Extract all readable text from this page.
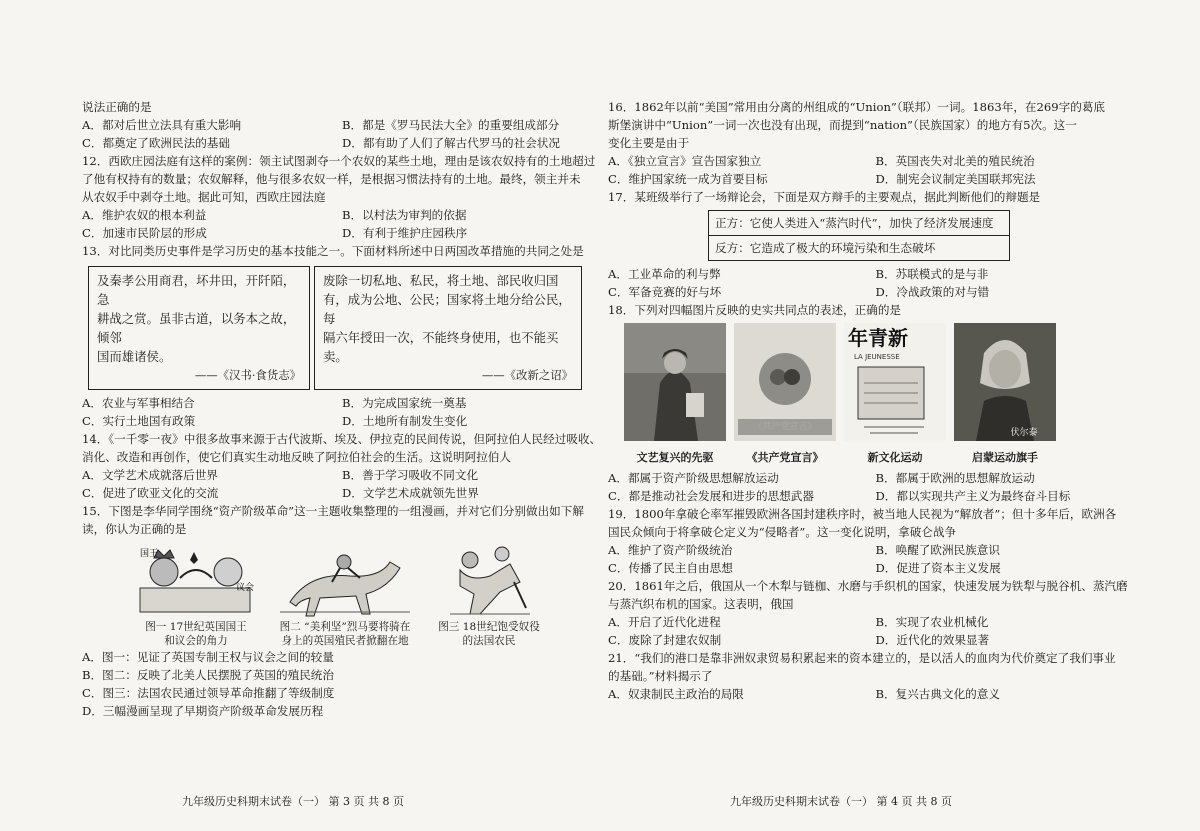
说法正确的是
A．都对后世立法具有重大影响	B．都是《罗马民法大全》的重要组成部分
C．都奠定了欧洲民法的基础	D．都有助了人们了解古代罗马的社会状况
12．西欧庄园法庭有这样的案例：领主试图剥夺一个农奴的某些土地，理由是该农奴持有的土地超过
了他有权持有的数量；农奴解释，他与很多农奴一样，是根据习惯法持有的土地。最终，领主并未
从农奴手中剥夺土地。据此可知，西欧庄园法庭
A．维护农奴的根本利益	B．以村法为审判的依据
C．加速市民阶层的形成	D．有利于维护庄园秩序
13．对比同类历史事件是学习历史的基本技能之一。下面材料所述中日两国改革措施的共同之处是
及秦孝公用商君，坏井田，开阡陌，急
耕战之赏。虽非古道，以务本之故，倾邻
国而雄诸侯。
——《汉书·食货志》
废除一切私地、私民，将土地、部民收归国
有，成为公地、公民；国家将土地分给公民，每
隔六年授田一次，不能终身使用，也不能买卖。
——《改新之诏》
A．农业与军事相结合	B．为完成国家统一奠基
C．实行土地国有政策	D．土地所有制发生变化
14．《一千零一夜》中很多故事来源于古代波斯、埃及、伊拉克的民间传说，但阿拉伯人民经过吸收、
消化、改造和再创作，使它们真实生动地反映了阿拉伯社会的生活。这说明阿拉伯人
A．文学艺术成就落后世界	B．善于学习吸收不同文化
C．促进了欧亚文化的交流	D．文学艺术成就领先世界
15．下图是李华同学围绕“资产阶级革命”这一主题收集整理的一组漫画，并对它们分别做出如下解
读，你认为正确的是
国王
议会
图一 17世纪英国国王
和议会的角力
图二 “美利坚”烈马要将骑在
身上的英国殖民者掀翻在地
图三 18世纪饱受奴役
的法国农民
A．图一：见证了英国专制王权与议会之间的较量
B．图二：反映了北美人民摆脱了英国的殖民统治
C．图三：法国农民通过领导革命推翻了等级制度
D．三幅漫画呈现了早期资产阶级革命发展历程
16．1862年以前“美国”常用由分离的州组成的“Union”（联邦）一词。1863年，在269字的葛底
斯堡演讲中“Union”一词一次也没有出现，而提到“nation”（民族国家）的地方有5次。这一
变化主要是由于
A．《独立宣言》宣告国家独立	B．英国丧失对北美的殖民统治
C．维护国家统一成为首要目标	D．制宪会议制定美国联邦宪法
17．某班级举行了一场辩论会，下面是双方辩手的主要观点，据此判断他们的辩题是
正方：它使人类进入“蒸汽时代”，加快了经济发展速度
反方：它造成了极大的环境污染和生态破坏
A．工业革命的利与弊	B．苏联模式的是与非
C．军备竞赛的好与坏	D．冷战政策的对与错
18．下列对四幅图片反映的史实共同点的表述，正确的是
文艺复兴的先驱	《共产党宣言》
年青新
LA JEUNESSE
新文化运动
伏尔泰
启蒙运动旗手
A．都属于资产阶级思想解放运动	B．都属于欧洲的思想解放运动
C．都是推动社会发展和进步的思想武器	D．都以实现共产主义为最终奋斗目标
19．1800年拿破仑率军摧毁欧洲各国封建秩序时，被当地人民视为“解放者”；但十多年后，欧洲各
国民众倾向于将拿破仑定义为“侵略者”。这一变化说明，拿破仑战争
A．维护了资产阶级统治	B．唤醒了欧洲民族意识
C．传播了民主自由思想	D．促进了资本主义发展
20．1861年之后，俄国从一个木犁与链枷、水磨与手织机的国家，快速发展为铁犁与脱谷机、蒸汽磨
与蒸汽织布机的国家。这表明，俄国
A．开启了近代化进程	B．实现了农业机械化
C．废除了封建农奴制	D．近代化的效果显著
21．“我们的港口是靠非洲奴隶贸易积累起来的资本建立的，是以活人的血肉为代价奠定了我们事业
的基础。”材料揭示了
A．奴隶制民主政治的局限	B．复兴古典文化的意义
九年级历史科期末试卷（一） 第 3 页 共 8 页	九年级历史科期末试卷（一） 第 4 页 共 8 页
